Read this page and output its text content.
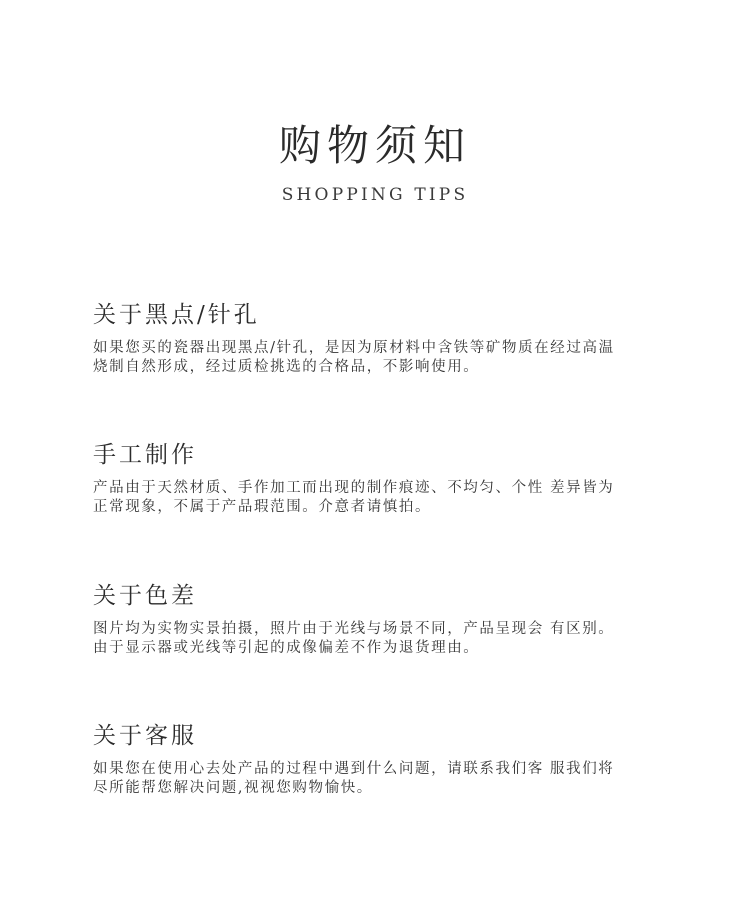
购物须知
SHOPPING TIPS
关于黑点/针孔
如果您买的瓷器出现黑点/针孔，是因为原材料中含铁等矿物质在经过高温
烧制自然形成，经过质检挑选的合格品，不影响使用。
手工制作
产品由于天然材质、手作加工而出现的制作痕迹、不均匀、个性 差异皆为
正常现象，不属于产品瑕范围。介意者请慎拍。
关于色差
图片均为实物实景拍摄，照片由于光线与场景不同，产品呈现会 有区别。
由于显示器或光线等引起的成像偏差不作为退货理由。
关于客服
如果您在使用心去处产品的过程中遇到什么问题，请联系我们客 服我们将
尽所能帮您解决问题,视视您购物愉快。
